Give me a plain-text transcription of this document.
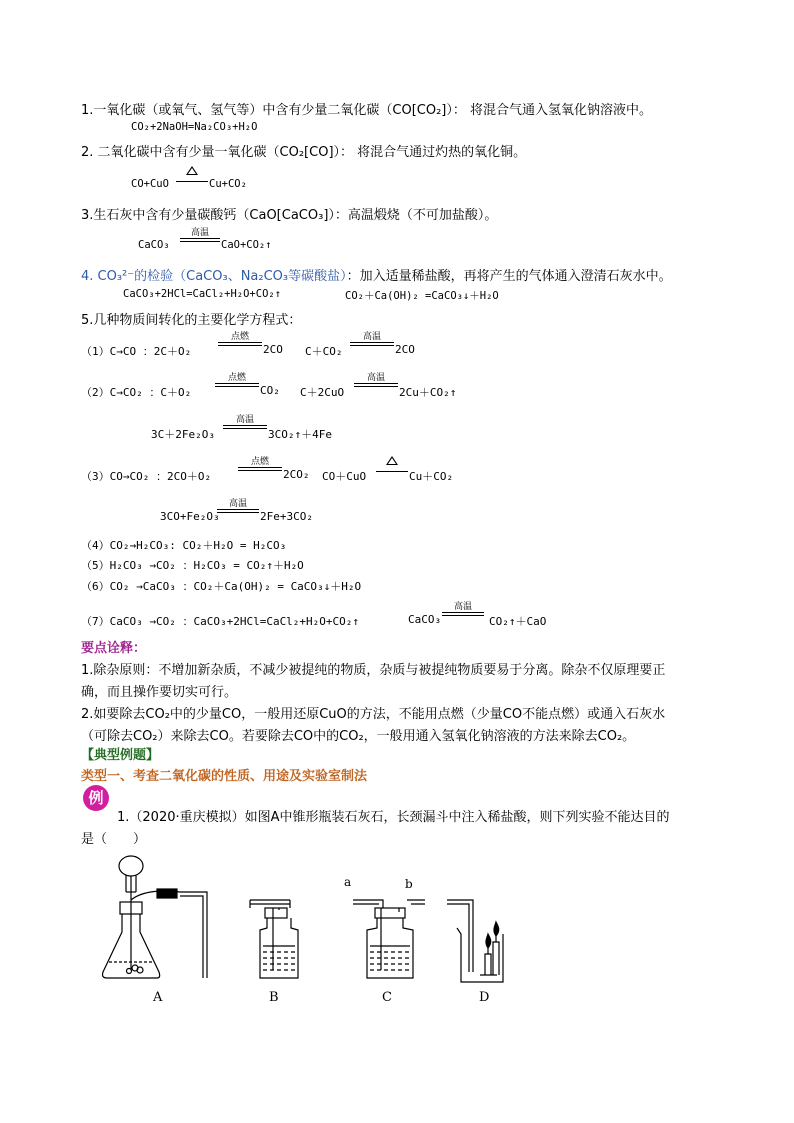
1.一氧化碳（或氧气、氢气等）中含有少量二氧化碳（CO[CO₂]）： 将混合气通入氢氧化钠溶液中。
CO₂+2NaOH=Na₂CO₃+H₂O
2. 二氧化碳中含有少量一氧化碳（CO₂[CO]）： 将混合气通过灼热的氧化铜。
CO+CuO	Cu+CO₂
3.生石灰中含有少量碳酸钙（CaO[CaCO₃]）：高温煅烧（不可加盐酸）。
CaCO₃
高温
CaO+CO₂↑
4. CO₃²⁻的检验（CaCO₃、Na₂CO₃等碳酸盐）：加入适量稀盐酸，再将产生的气体通入澄清石灰水中。
CaCO₃+2HCl=CaCl₂+H₂O+CO₂↑	CO₂＋Ca(OH)₂ =CaCO₃↓＋H₂O
5.几种物质间转化的主要化学方程式：
（1）C→CO ：2C＋O₂
点燃
2CO C＋CO₂
高温
2CO
（2）C→CO₂ ：C＋O₂
点燃
CO₂ C＋2CuO
高温
2Cu＋CO₂↑
3C＋2Fe₂O₃
高温
3CO₂↑＋4Fe
（3）CO→CO₂ ：2CO＋O₂
点燃
2CO₂ CO＋CuO	Cu＋CO₂
3CO+Fe₂O₃
高温
2Fe+3CO₂
（4）CO₂→H₂CO₃: CO₂＋H₂O = H₂CO₃
（5）H₂CO₃ →CO₂ ：H₂CO₃ = CO₂↑＋H₂O
（6）CO₂ →CaCO₃ ：CO₂＋Ca(OH)₂ = CaCO₃↓＋H₂O
（7）CaCO₃ →CO₂ ：CaCO₃+2HCl=CaCl₂+H₂O+CO₂↑	CaCO₃
高温
CO₂↑＋CaO
要点诠释：
1.除杂原则：不增加新杂质，不减少被提纯的物质，杂质与被提纯物质要易于分离。除杂不仅原理要正
确，而且操作要切实可行。
2.如要除去CO₂中的少量CO，一般用还原CuO的方法，不能用点燃（少量CO不能点燃）或通入石灰水
（可除去CO₂）来除去CO。若要除去CO中的CO₂，一般用通入氢氧化钠溶液的方法来除去CO₂。
【典型例题】
类型一、考查二氧化碳的性质、用途及实验室制法
例
1.（2020·重庆模拟）如图A中锥形瓶装石灰石，长颈漏斗中注入稀盐酸，则下列实验不能达目的
是（　　）
a	b
A	B	C	D
